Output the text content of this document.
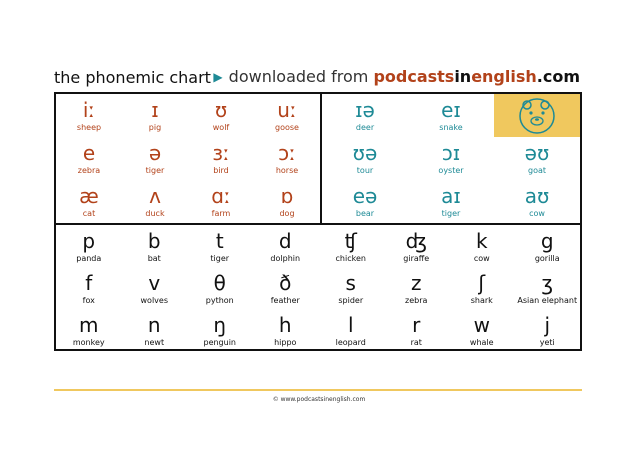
the phonemic chart ▶ downloaded from podcastsinenglish.com
iː
sheep
ɪ
pig
ʊ
wolf
uː
goose
e
zebra
ə
tiger
ɜː
bird
ɔː
horse
æ
cat
ʌ
duck
ɑː
farm
ɒ
dog
ɪə
deer
eɪ
snake
ʊə
tour
ɔɪ
oyster
əʊ
goat
eə
bear
aɪ
tiger
aʊ
cow
p
panda
b
bat
t
tiger
d
dolphin
ʧ
chicken
ʤ
giraffe
k
cow
g
gorilla
f
fox
v
wolves
θ
python
ð
feather
s
spider
z
zebra
ʃ
shark
ʒ
Asian elephant
m
monkey
n
newt
ŋ
penguin
h
hippo
l
leopard
r
rat
w
whale
j
yeti
© www.podcastsinenglish.com
